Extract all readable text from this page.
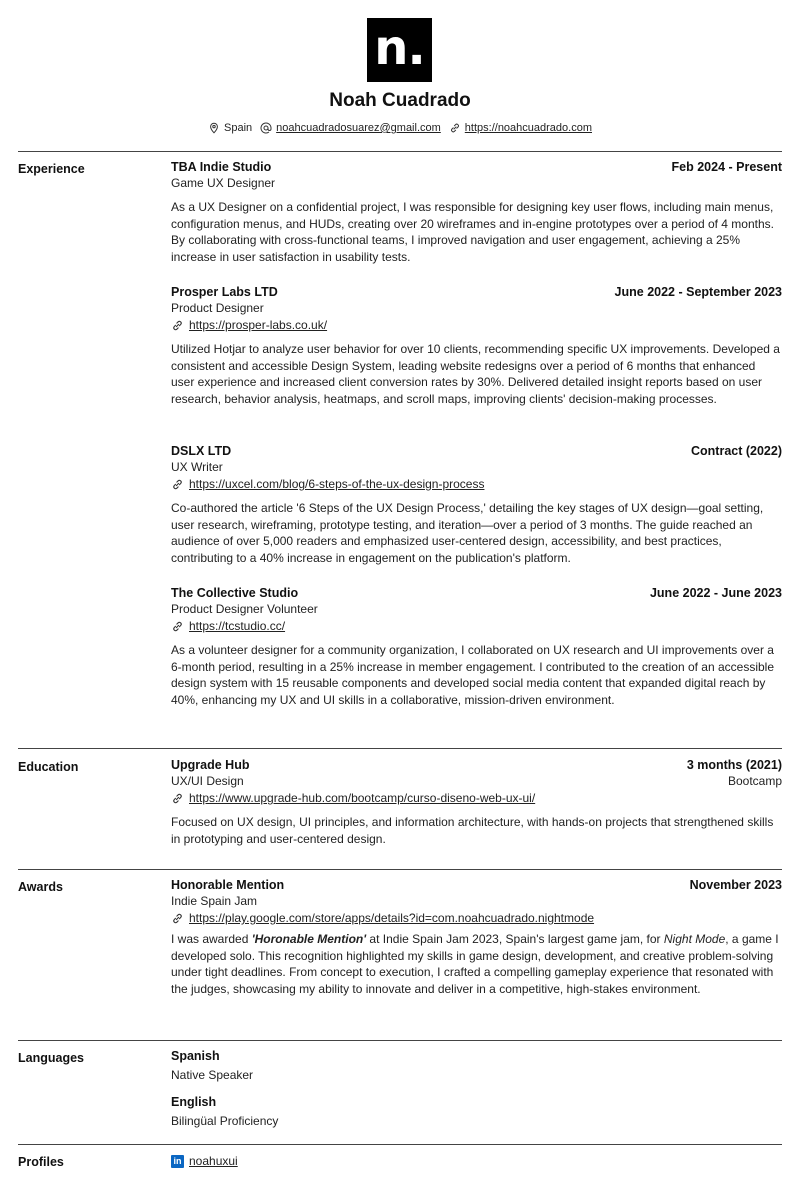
n.
Noah Cuadrado
Spain noahcuadradosuarez@gmail.com https://noahcuadrado.com
Experience	TBA Indie Studio	Feb 2024 - Present
Game UX Designer
As a UX Designer on a confidential project, I was responsible for designing key user flows, including main menus, configuration menus, and HUDs, creating over 20 wireframes and in-engine prototypes over a period of 4 months. By collaborating with cross-functional teams, I improved navigation and user engagement, achieving a 25% increase in user satisfaction in usability tests.
Prosper Labs LTD	June 2022 - September 2023
Product Designer
https://prosper-labs.co.uk/
Utilized Hotjar to analyze user behavior for over 10 clients, recommending specific UX improvements. Developed a consistent and accessible Design System, leading website redesigns over a period of 6 months that enhanced user experience and increased client conversion rates by 30%. Delivered detailed insight reports based on user research, behavior analysis, heatmaps, and scroll maps, improving clients' decision-making processes.
DSLX LTD	Contract (2022)
UX Writer
https://uxcel.com/blog/6-steps-of-the-ux-design-process
Co-authored the article '6 Steps of the UX Design Process,' detailing the key stages of UX design—goal setting, user research, wireframing, prototype testing, and iteration—over a period of 3 months. The guide reached an audience of over 5,000 readers and emphasized user-centered design, accessibility, and best practices, contributing to a 40% increase in engagement on the publication's platform.
The Collective Studio	June 2022 - June 2023
Product Designer Volunteer
https://tcstudio.cc/
As a volunteer designer for a community organization, I collaborated on UX research and UI improvements over a 6-month period, resulting in a 25% increase in member engagement. I contributed to the creation of an accessible design system with 15 reusable components and developed social media content that expanded digital reach by 40%, enhancing my UX and UI skills in a collaborative, mission-driven environment.
Education	Upgrade Hub	3 months (2021)
UX/UI Design	Bootcamp
https://www.upgrade-hub.com/bootcamp/curso-diseno-web-ux-ui/
Focused on UX design, UI principles, and information architecture, with hands-on projects that strengthened skills in prototyping and user-centered design.
Awards	Honorable Mention	November 2023
Indie Spain Jam
https://play.google.com/store/apps/details?id=com.noahcuadrado.nightmode
I was awarded 'Horonable Mention' at Indie Spain Jam 2023, Spain's largest game jam, for Night Mode, a game I developed solo. This recognition highlighted my skills in game design, development, and creative problem-solving under tight deadlines. From concept to execution, I crafted a compelling gameplay experience that resonated with the judges, showcasing my ability to innovate and deliver in a competitive, high-stakes environment.
Languages	Spanish
Native Speaker
English
Bilingüal Proficiency
Profiles	in noahuxui
